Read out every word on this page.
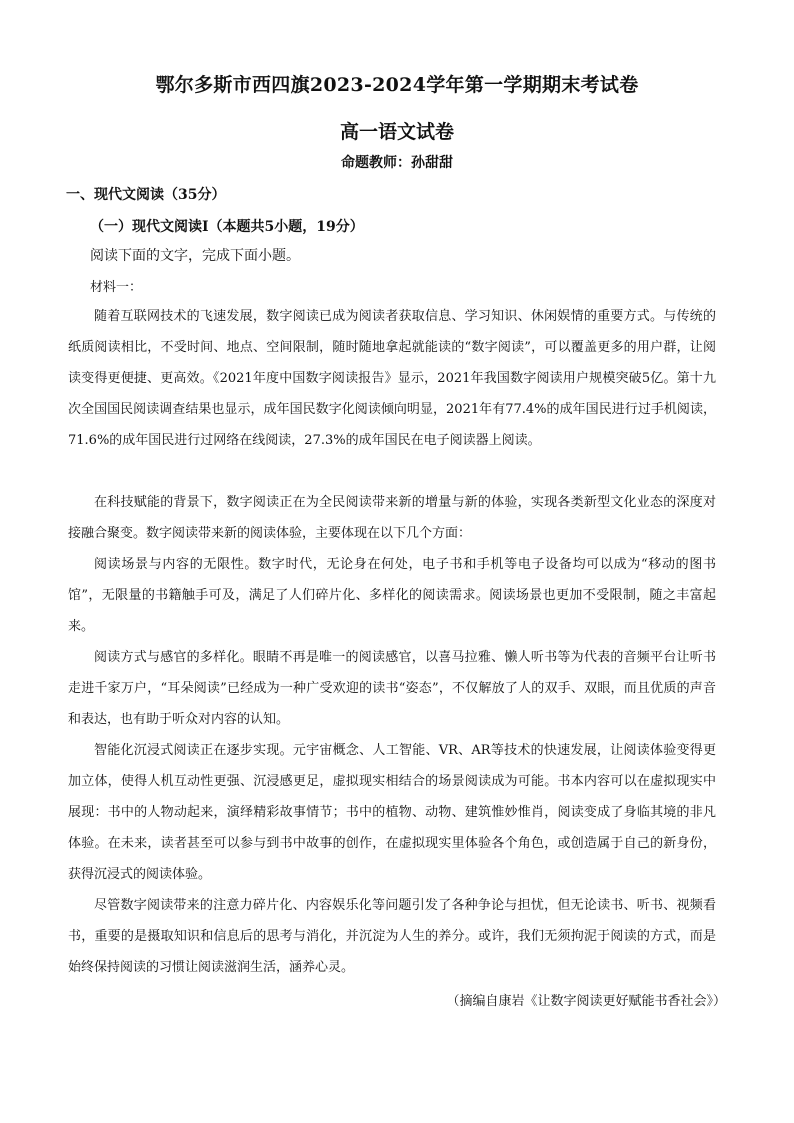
鄂尔多斯市西四旗2023-2024学年第一学期期末考试卷
高一语文试卷
命题教师：孙甜甜
一、现代文阅读（35分）
（一）现代文阅读Ⅰ（本题共5小题，19分）
阅读下面的文字，完成下面小题。
材料一：

随着互联网技术的飞速发展，数字阅读已成为阅读者获取信息、学习知识、休闲娱情的重要方式。与传统的纸质阅读相比，不受时间、地点、空间限制，随时随地拿起就能读的“数字阅读”，可以覆盖更多的用户群，让阅读变得更便捷、更高效。《2021年度中国数字阅读报告》显示，2021年我国数字阅读用户规模突破5亿。第十九次全国国民阅读调查结果也显示，成年国民数字化阅读倾向明显，2021年有77.4%的成年国民进行过手机阅读，71.6%的成年国民进行过网络在线阅读，27.3%的成年国民在电子阅读器上阅读。

在科技赋能的背景下，数字阅读正在为全民阅读带来新的增量与新的体验，实现各类新型文化业态的深度对接融合聚变。数字阅读带来新的阅读体验，主要体现在以下几个方面：

阅读场景与内容的无限性。数字时代，无论身在何处，电子书和手机等电子设备均可以成为“移动的图书馆”，无限量的书籍触手可及，满足了人们碎片化、多样化的阅读需求。阅读场景也更加不受限制，随之丰富起来。

阅读方式与感官的多样化。眼睛不再是唯一的阅读感官，以喜马拉雅、懒人听书等为代表的音频平台让听书走进千家万户，“耳朵阅读”已经成为一种广受欢迎的读书“姿态”，不仅解放了人的双手、双眼，而且优质的声音和表达，也有助于听众对内容的认知。

智能化沉浸式阅读正在逐步实现。元宇宙概念、人工智能、VR、AR等技术的快速发展，让阅读体验变得更加立体，使得人机互动性更强、沉浸感更足，虚拟现实相结合的场景阅读成为可能。书本内容可以在虚拟现实中展现：书中的人物动起来，演绎精彩故事情节；书中的植物、动物、建筑惟妙惟肖，阅读变成了身临其境的非凡体验。在未来，读者甚至可以参与到书中故事的创作，在虚拟现实里体验各个角色，或创造属于自己的新身份，获得沉浸式的阅读体验。

尽管数字阅读带来的注意力碎片化、内容娱乐化等问题引发了各种争论与担忧，但无论读书、听书、视频看书，重要的是摄取知识和信息后的思考与消化，并沉淀为人生的养分。或许，我们无须拘泥于阅读的方式，而是始终保持阅读的习惯让阅读滋润生活，涵养心灵。

（摘编自康岩《让数字阅读更好赋能书香社会》）
